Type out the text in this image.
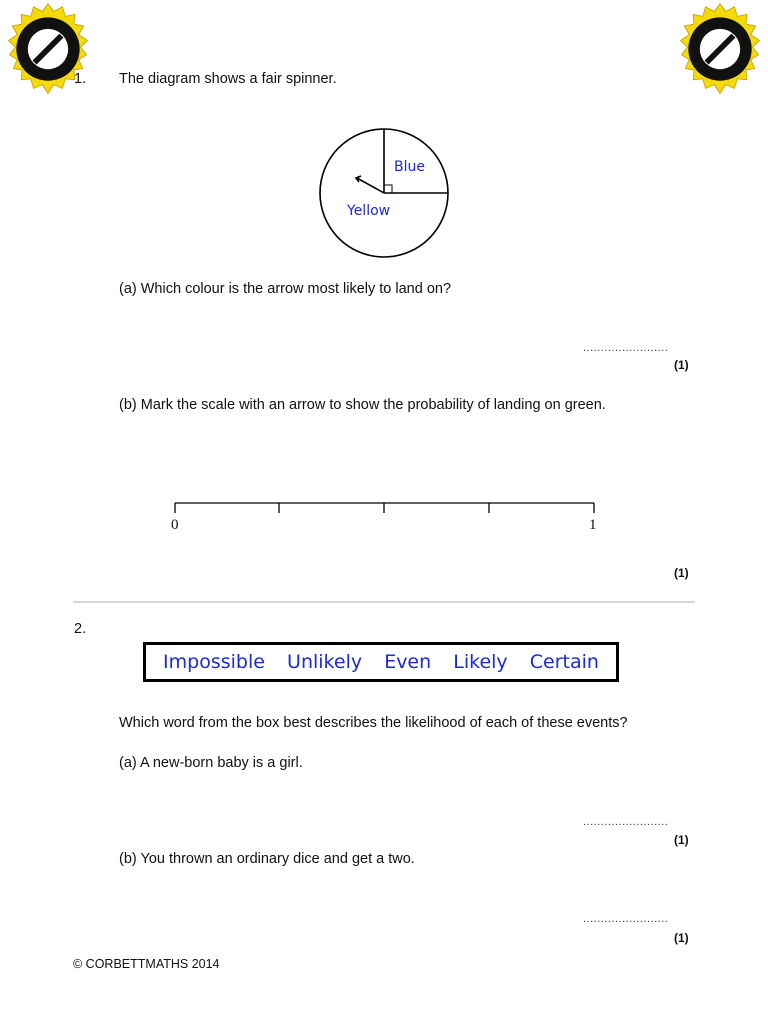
1. The diagram shows a fair spinner.
Blue
Yellow
(a) Which colour is the arrow most likely to land on?
........................
(1)
(b) Mark the scale with an arrow to show the probability of landing on green.
0	1
(1)
2.
Impossible Unlikely Even Likely Certain
Which word from the box best describes the likelihood of each of these events?
(a) A new-born baby is a girl.
........................
(1)
(b) You thrown an ordinary dice and get a two.
........................
(1)
© CORBETTMATHS 2014
